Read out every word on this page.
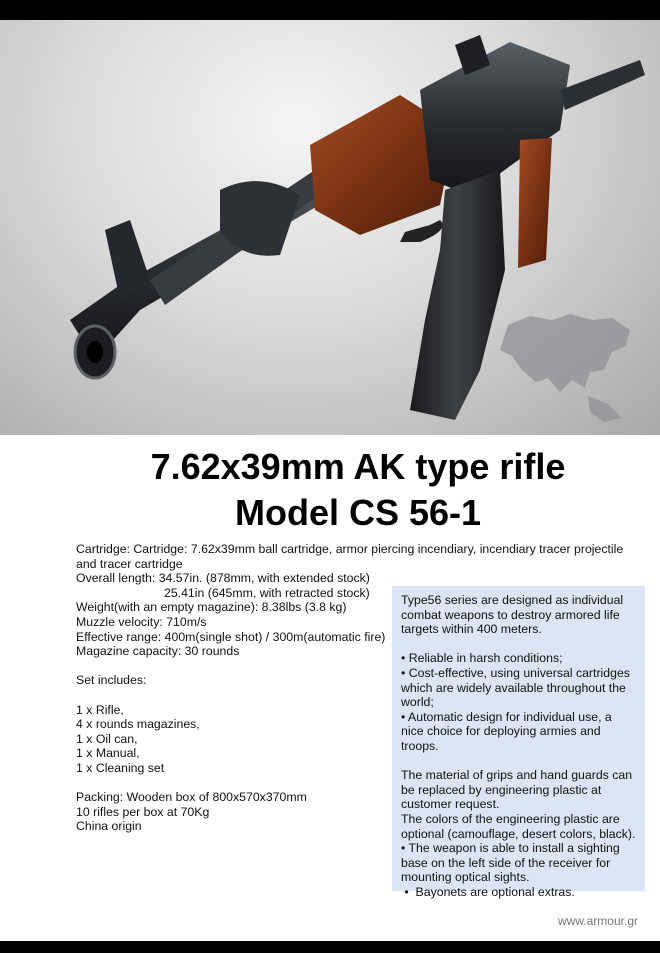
7.62x39mm AK type rifle
Model CS 56-1
Cartridge: Cartridge: 7.62x39mm ball cartridge, armor piercing incendiary, incendiary tracer projectile and tracer cartridge
Overall length: 34.57in. (878mm, with extended stock)
25.41in (645mm, with retracted stock)
Weight(with an empty magazine): 8.38lbs (3.8 kg)
Muzzle velocity: 710m/s
Effective range: 400m(single shot) / 300m(automatic fire)
Magazine capacity: 30 rounds
Set includes:
1 x Rifle,
4 x rounds magazines,
1 x Oil can,
1 x Manual,
1 x Cleaning set
Packing: Wooden box of 800x570x370mm
10 rifles per box at 70Kg
China origin
Type56 series are designed as individual combat weapons to destroy armored life targets within 400 meters.
• Reliable in harsh conditions;
• Cost-effective, using universal cartridges which are widely available throughout the world;
• Automatic design for individual use, a nice choice for deploying armies and troops.
The material of grips and hand guards can be replaced by engineering plastic at customer request.
The colors of the engineering plastic are optional (camouflage, desert colors, black).
• The weapon is able to install a sighting base on the left side of the receiver for mounting optical sights.
•  Bayonets are optional extras.
www.armour.gr
